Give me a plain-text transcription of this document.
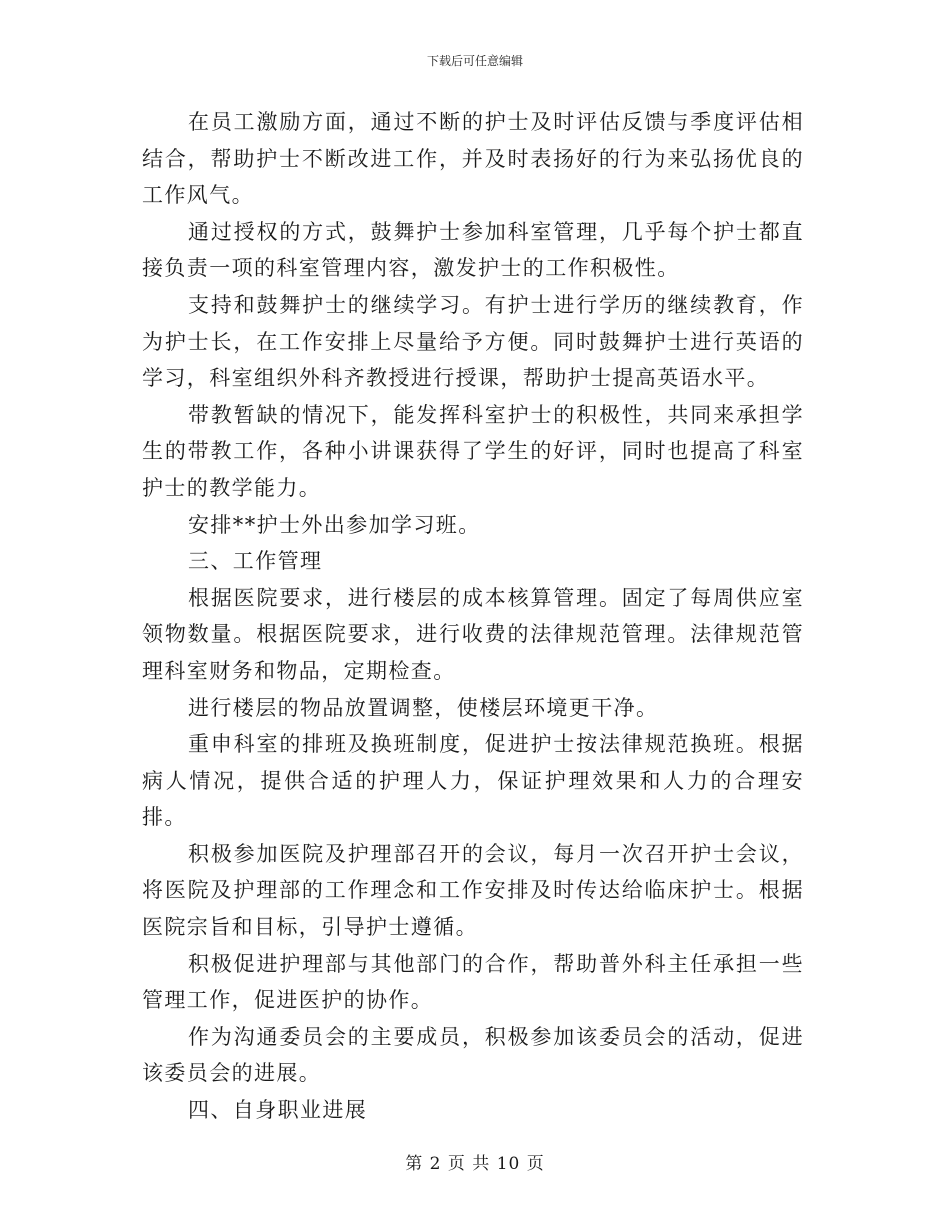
下载后可任意编辑

在员工激励方面，通过不断的护士及时评估反馈与季度评估相结合，帮助护士不断改进工作，并及时表扬好的行为来弘扬优良的工作风气。

通过授权的方式，鼓舞护士参加科室管理，几乎每个护士都直接负责一项的科室管理内容，激发护士的工作积极性。

支持和鼓舞护士的继续学习。有护士进行学历的继续教育，作为护士长，在工作安排上尽量给予方便。同时鼓舞护士进行英语的学习，科室组织外科齐教授进行授课，帮助护士提高英语水平。

带教暂缺的情况下，能发挥科室护士的积极性，共同来承担学生的带教工作，各种小讲课获得了学生的好评，同时也提高了科室护士的教学能力。

安排**护士外出参加学习班。

三、工作管理

根据医院要求，进行楼层的成本核算管理。固定了每周供应室领物数量。根据医院要求，进行收费的法律规范管理。法律规范管理科室财务和物品，定期检查。

进行楼层的物品放置调整，使楼层环境更干净。

重申科室的排班及换班制度，促进护士按法律规范换班。根据病人情况，提供合适的护理人力，保证护理效果和人力的合理安排。

积极参加医院及护理部召开的会议，每月一次召开护士会议，将医院及护理部的工作理念和工作安排及时传达给临床护士。根据医院宗旨和目标，引导护士遵循。

积极促进护理部与其他部门的合作，帮助普外科主任承担一些管理工作，促进医护的协作。

作为沟通委员会的主要成员，积极参加该委员会的活动，促进该委员会的进展。

四、自身职业进展

第 2 页 共 10 页
